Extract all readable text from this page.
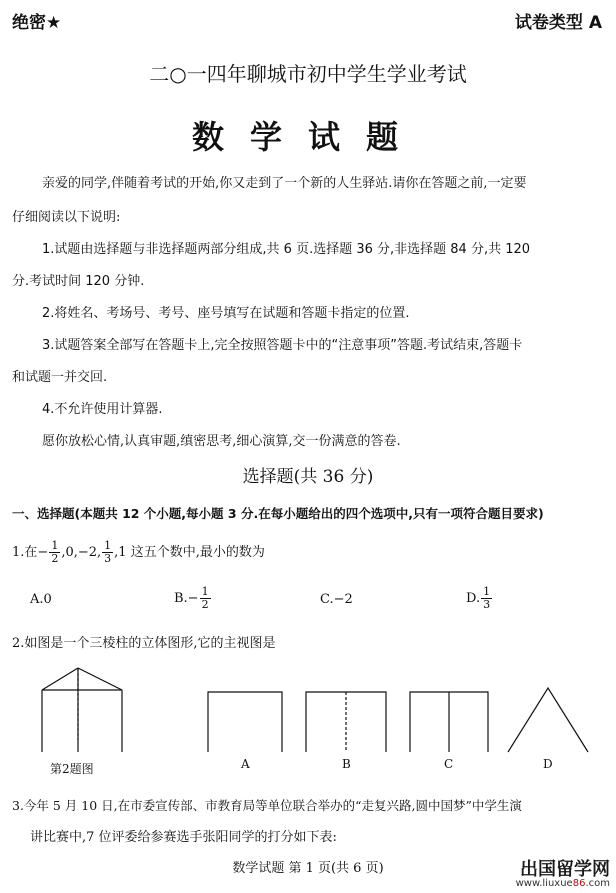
绝密★	试卷类型 A
二○一四年聊城市初中学生学业考试
数学试题
亲爱的同学,伴随着考试的开始,你又走到了一个新的人生驿站.请你在答题之前,一定要
仔细阅读以下说明:
1.试题由选择题与非选择题两部分组成,共 6 页.选择题 36 分,非选择题 84 分,共 120
分.考试时间 120 分钟.
2.将姓名、考场号、考号、座号填写在试题和答题卡指定的位置.
3.试题答案全部写在答题卡上,完全按照答题卡中的“注意事项”答题.考试结束,答题卡
和试题一并交回.
4.不允许使用计算器.
愿你放松心情,认真审题,缜密思考,细心演算,交一份满意的答卷.
选择题(共 36 分)
一、选择题(本题共 12 个小题,每小题 3 分.在每小题给出的四个选项中,只有一项符合题目要求)
1.在− $\frac{1}{2} ,0,-2$, $\frac{1}{3} ,1$ 这五个数中,最小的数为
A.0	$B.- \frac{1}{2}$	C.−2	D. $\frac{1}{3}$
2.如图是一个三棱柱的立体图形,它的主视图是
第2题图	A	B	C	D
3.今年 5 月 10 日,在市委宣传部、市教育局等单位联合举办的“走复兴路,圆中国梦”中学生演
讲比赛中,7 位评委给参赛选手张阳同学的打分如下表:
数学试题 第 1 页(共 6 页)	出国留学网
www.liuxue86.com
